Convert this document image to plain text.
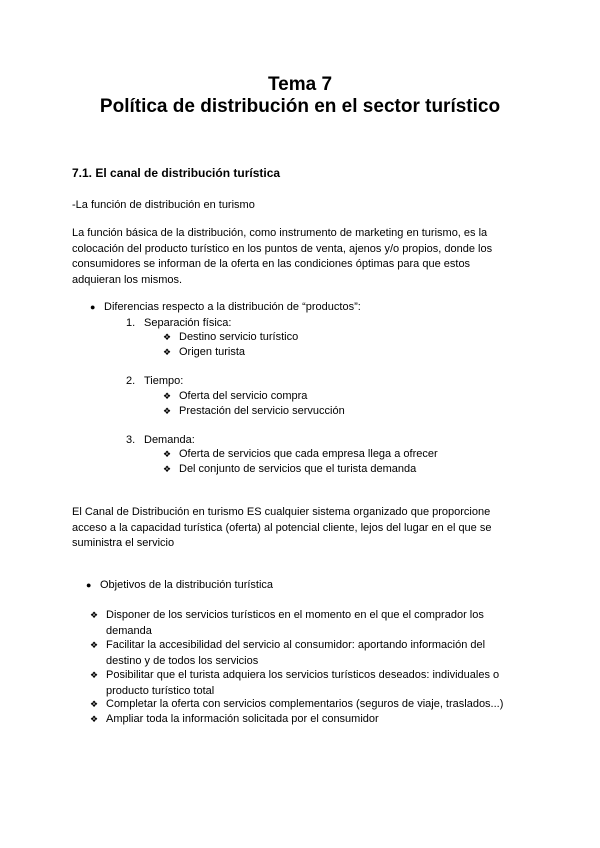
Tema 7
Política de distribución en el sector turístico
7.1. El canal de distribución turística
-La función de distribución en turismo
La función básica de la distribución, como instrumento de marketing en turismo, es la colocación del producto turístico en los puntos de venta, ajenos y/o propios, donde los consumidores se informan de la oferta en las condiciones óptimas para que estos adquieran los mismos.
● Diferencias respecto a la distribución de “productos”:
1. Separación física:
❖ Destino servicio turístico
❖ Origen turista
2. Tiempo:
❖ Oferta del servicio compra
❖ Prestación del servicio servucción
3. Demanda:
❖ Oferta de servicios que cada empresa llega a ofrecer
❖ Del conjunto de servicios que el turista demanda
El Canal de Distribución en turismo ES cualquier sistema organizado que proporcione acceso a la capacidad turística (oferta) al potencial cliente, lejos del lugar en el que se suministra el servicio
● Objetivos de la distribución turística
❖ Disponer de los servicios turísticos en el momento en el que el comprador los demanda
❖ Facilitar la accesibilidad del servicio al consumidor: aportando información del destino y de todos los servicios
❖ Posibilitar que el turista adquiera los servicios turísticos deseados: individuales o producto turístico total
❖ Completar la oferta con servicios complementarios (seguros de viaje, traslados...)
❖ Ampliar toda la información solicitada por el consumidor
